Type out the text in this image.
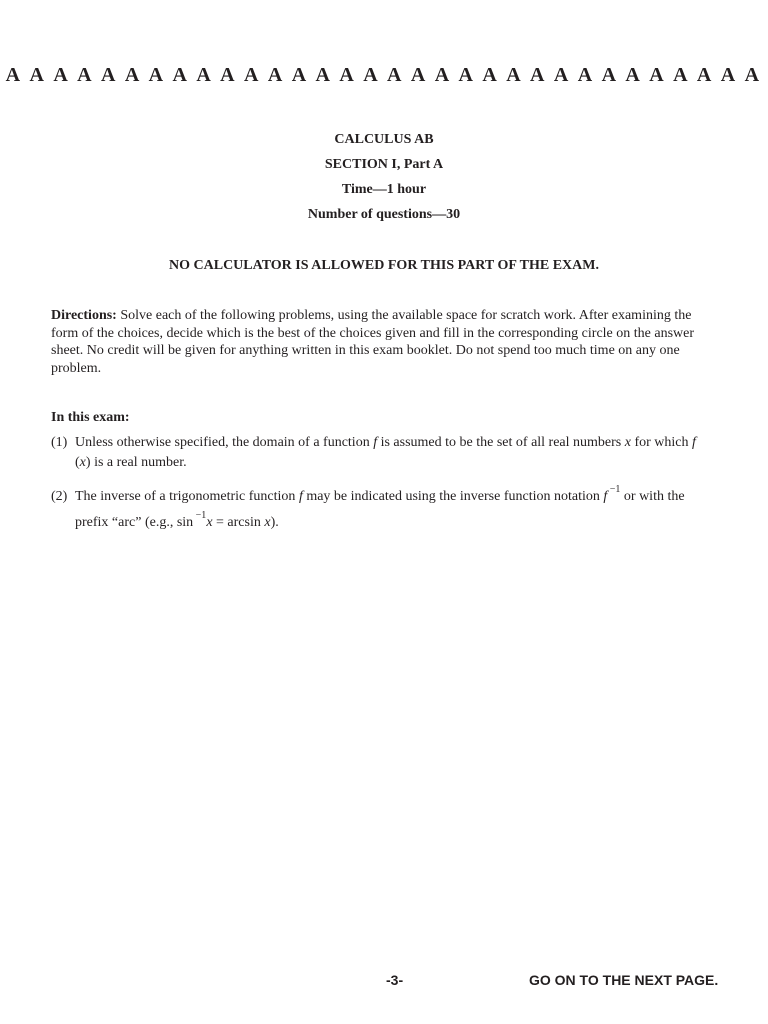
A A A A A A A A A A A A A A A A A A A A A A A A A A A A A A A A
CALCULUS AB
SECTION I, Part A
Time—1 hour
Number of questions—30
NO CALCULATOR IS ALLOWED FOR THIS PART OF THE EXAM.
Directions: Solve each of the following problems, using the available space for scratch work. After examining the form of the choices, decide which is the best of the choices given and fill in the corresponding circle on the answer sheet. No credit will be given for anything written in this exam booklet. Do not spend too much time on any one problem.
In this exam:
(1) Unless otherwise specified, the domain of a function f is assumed to be the set of all real numbers x for which f (x) is a real number.
(2) The inverse of a trigonometric function f may be indicated using the inverse function notation f $^{-1}$ or with the prefix “arc” (e.g., sin $^{-1}$x = arcsin x).
-3-	GO ON TO THE NEXT PAGE.
